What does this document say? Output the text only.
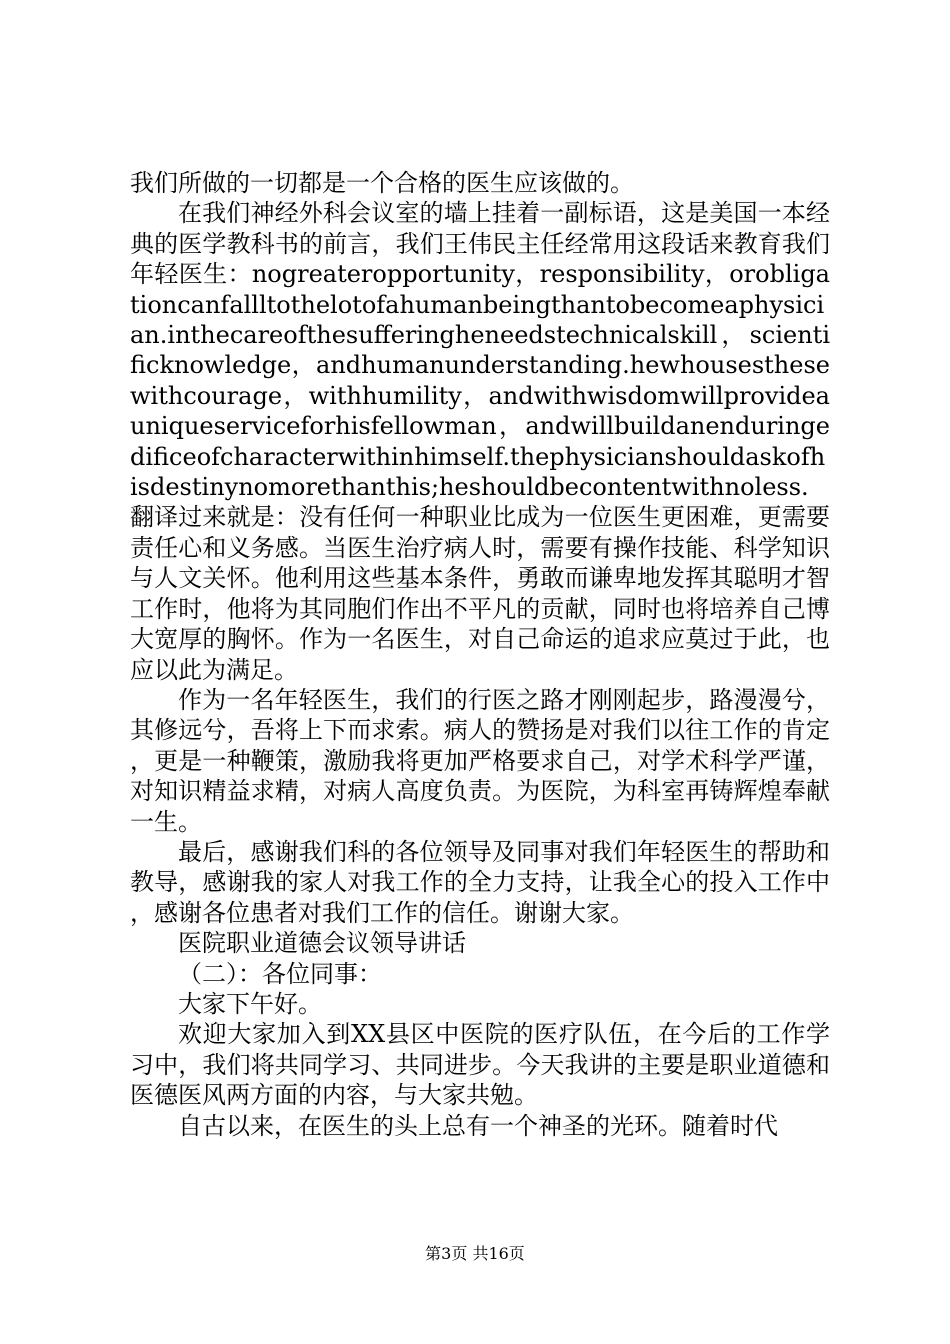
我们所做的一切都是一个合格的医生应该做的。

在我们神经外科会议室的墙上挂着一副标语，这是美国一本经典的医学教科书的前言，我们王伟民主任经常用这段话来教育我们年轻医生：nogreateropportunity，responsibility，orobligationcanfallltothelotofahumanbeingthantobecomeaphysician.inthecareofthesufferingheneedstechnicalskill，scientificknowledge，andhumanunderstanding.hewhousesthesewithcourage，withhumility，andwithwisdomwillprovideauniqueserviceforhisfellowman，andwillbuildanenduringedificeofcharacterwithinhimself.thephysicianshouldaskofhisdestinynomorethanthis;heshouldbecontentwithnoless.翻译过来就是：没有任何一种职业比成为一位医生更困难，更需要责任心和义务感。当医生治疗病人时，需要有操作技能、科学知识与人文关怀。他利用这些基本条件，勇敢而谦卑地发挥其聪明才智工作时，他将为其同胞们作出不平凡的贡献，同时也将培养自己博大宽厚的胸怀。作为一名医生，对自己命运的追求应莫过于此，也应以此为满足。

作为一名年轻医生，我们的行医之路才刚刚起步，路漫漫兮，其修远兮，吾将上下而求索。病人的赞扬是对我们以往工作的肯定，更是一种鞭策，激励我将更加严格要求自己，对学术科学严谨，对知识精益求精，对病人高度负责。为医院，为科室再铸辉煌奉献一生。

最后，感谢我们科的各位领导及同事对我们年轻医生的帮助和教导，感谢我的家人对我工作的全力支持，让我全心的投入工作中，感谢各位患者对我们工作的信任。谢谢大家。

医院职业道德会议领导讲话

（二）：各位同事：

大家下午好。

欢迎大家加入到XX县区中医院的医疗队伍，在今后的工作学习中，我们将共同学习、共同进步。今天我讲的主要是职业道德和医德医风两方面的内容，与大家共勉。

自古以来，在医生的头上总有一个神圣的光环。随着时代

第3页 共16页
